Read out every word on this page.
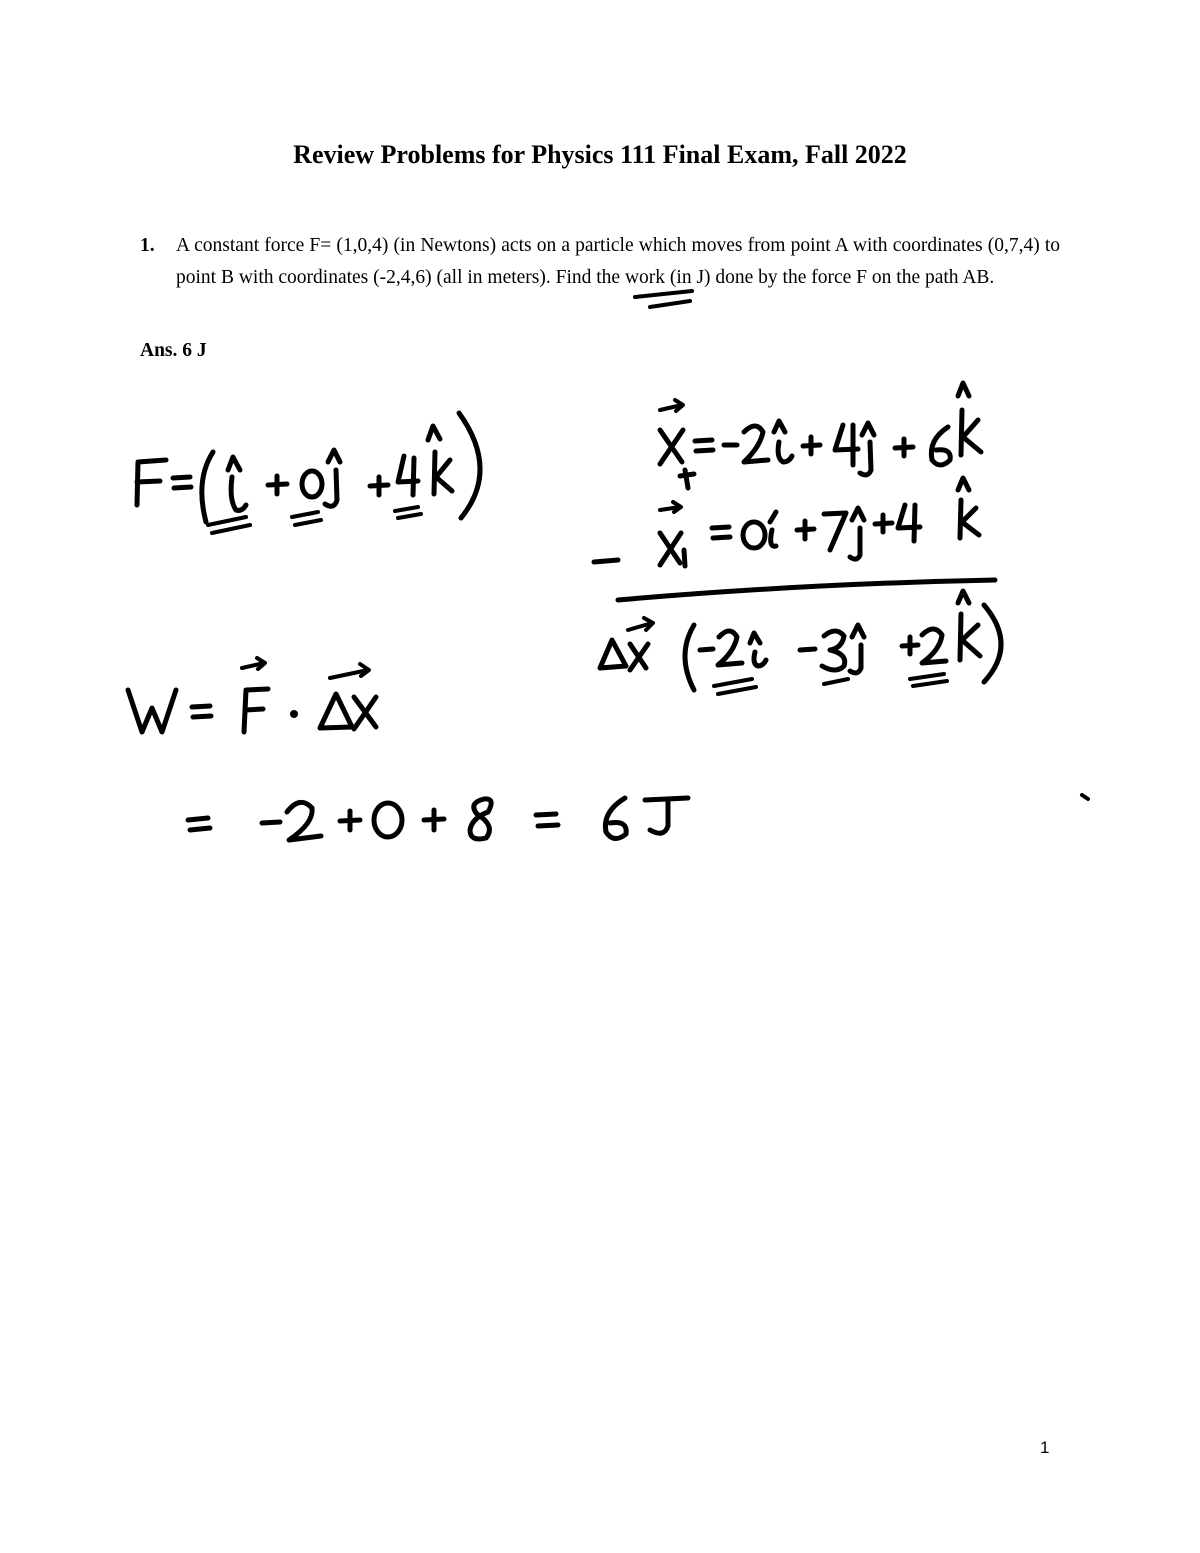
Review Problems for Physics 111 Final Exam, Fall 2022
1. A constant force F= (1,0,4) (in Newtons) acts on a particle which moves from point A with coordinates (0,7,4) to point B with coordinates (-2,4,6) (all in meters). Find the work (in J) done by the force F on the path AB.
Ans. 6 J
1
